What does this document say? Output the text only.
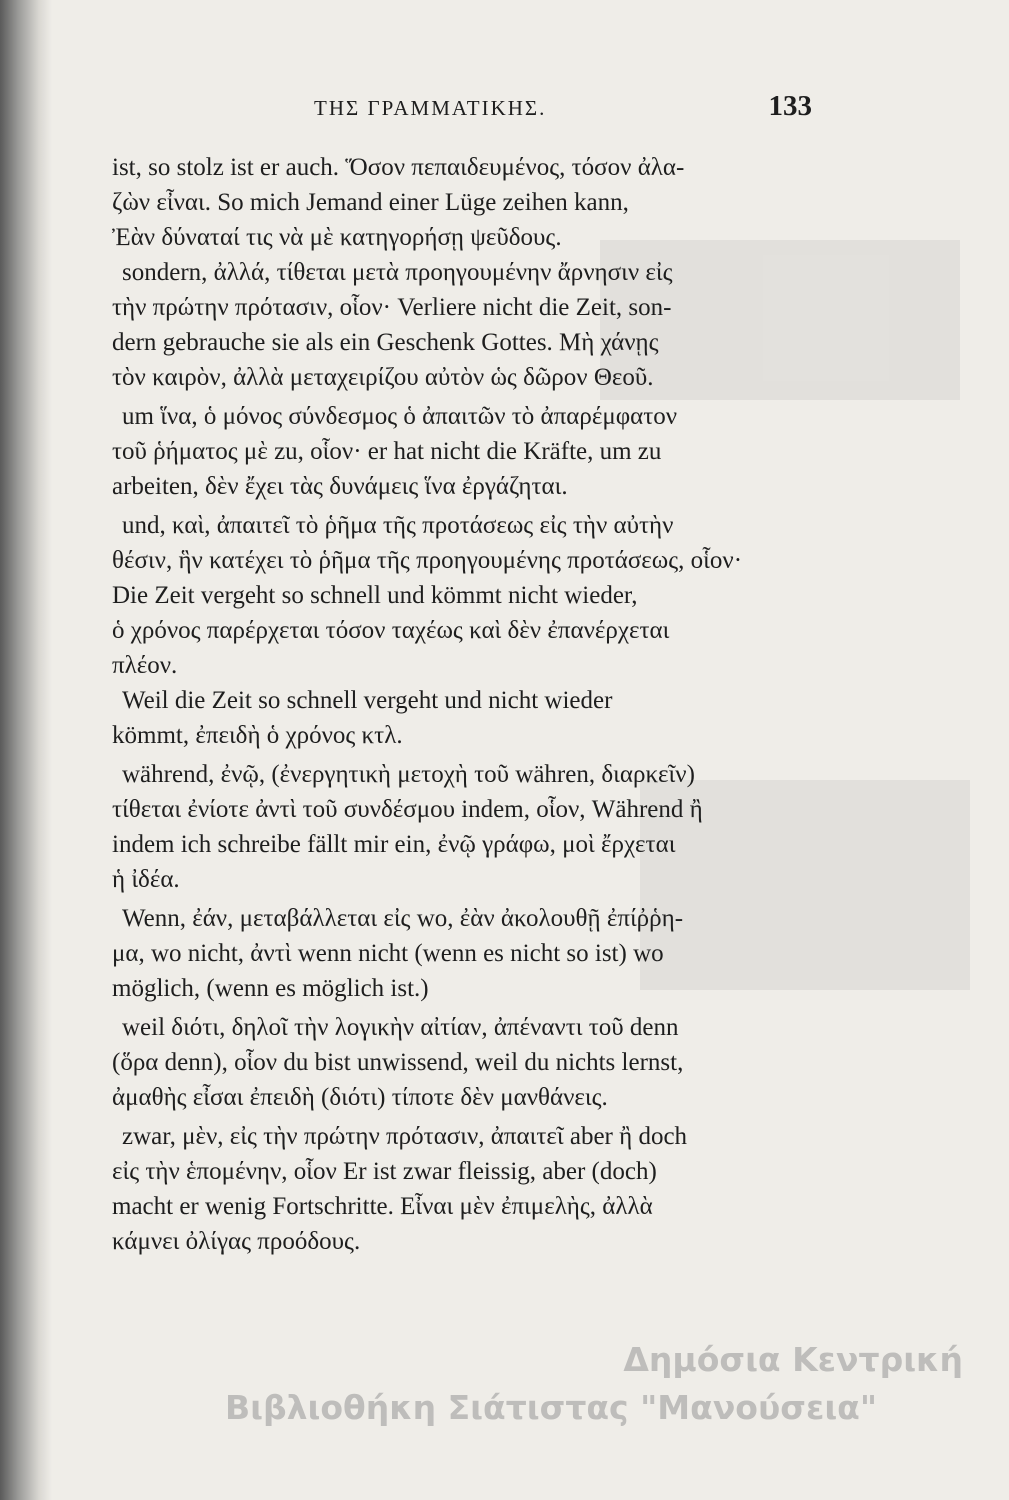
ΤΗΣ ΓΡΑΜΜΑΤΙΚΗΣ.	133
ist, so stolz ist er auch. Ὅσον πεπαιδευμένος, τόσον ἀλα-
ζὼν εἶναι. So mich Jemand einer Lüge zeihen kann,
Ἐὰν δύναταί τις νὰ μὲ κατηγορήσῃ ψεῦδους.
sondern, ἀλλά, τίθεται μετὰ προηγουμένην ἄρνησιν εἰς
τὴν πρώτην πρότασιν, οἷον· Verliere nicht die Zeit, son-
dern gebrauche sie als ein Geschenk Gottes. Μὴ χάνῃς
τὸν καιρὸν, ἀλλὰ μεταχειρίζου αὐτὸν ὡς δῶρον Θεοῦ.
um ἵνα, ὁ μόνος σύνδεσμος ὁ ἀπαιτῶν τὸ ἀπαρέμφατον
τοῦ ῥήματος μὲ zu, οἷον· er hat nicht die Kräfte, um zu
arbeiten, δὲν ἔχει τὰς δυνάμεις ἵνα ἐργάζηται.
und, καὶ, ἀπαιτεῖ τὸ ῥῆμα τῆς προτάσεως εἰς τὴν αὐτὴν
θέσιν, ἣν κατέχει τὸ ῥῆμα τῆς προηγουμένης προτάσεως, οἷον·
Die Zeit vergeht so schnell und kömmt nicht wieder,
ὁ χρόνος παρέρχεται τόσον ταχέως καὶ δὲν ἐπανέρχεται
πλέον.
Weil die Zeit so schnell vergeht und nicht wieder
kömmt, ἐπειδὴ ὁ χρόνος κτλ.
während, ἐνῷ, (ἐνεργητικὴ μετοχὴ τοῦ währen, διαρκεῖν)
τίθεται ἐνίοτε ἀντὶ τοῦ συνδέσμου indem, οἷον, Während ἢ
indem ich schreibe fällt mir ein, ἐνῷ γράφω, μοὶ ἔρχεται
ἡ ἰδέα.
Wenn, ἐάν, μεταβάλλεται εἰς wo, ἐὰν ἀκολουθῇ ἐπίῤῥη-
μα, wo nicht, ἀντὶ wenn nicht (wenn es nicht so ist) wo
möglich, (wenn es möglich ist.)
weil διότι, δηλοῖ τὴν λογικὴν αἰτίαν, ἀπέναντι τοῦ denn
(ὅρα denn), οἷον du bist unwissend, weil du nichts lernst,
ἀμαθὴς εἶσαι ἐπειδὴ (διότι) τίποτε δὲν μανθάνεις.
zwar, μὲν, εἰς τὴν πρώτην πρότασιν, ἀπαιτεῖ aber ἢ doch
εἰς τὴν ἑπομένην, οἷον Er ist zwar fleissig, aber (doch)
macht er wenig Fortschritte. Εἶναι μὲν ἐπιμελὴς, ἀλλὰ
κάμνει ὀλίγας προόδους.
Δημόσια Κεντρική
Βιβλιοθήκη Σιάτιστας "Μανούσεια"
